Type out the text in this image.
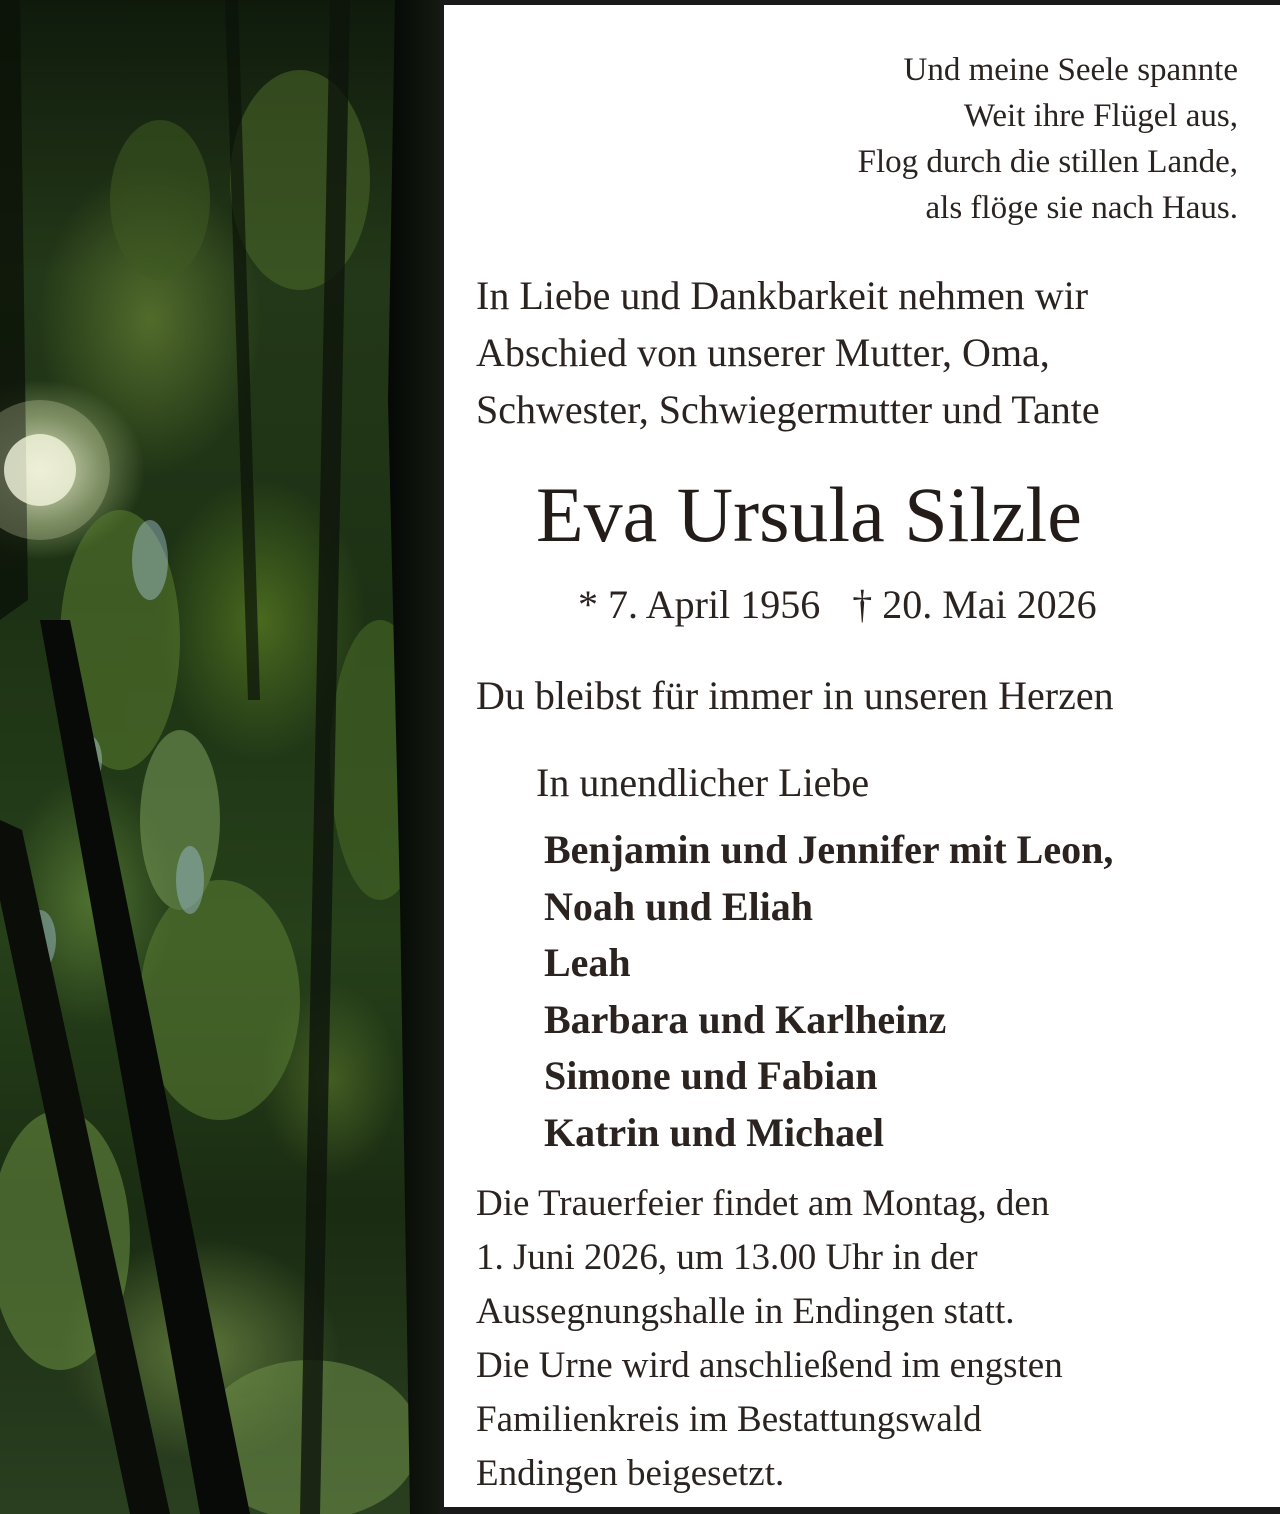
Und meine Seele spannte
Weit ihre Flügel aus,
Flog durch die stillen Lande,
als flöge sie nach Haus.
In Liebe und Dankbarkeit nehmen wir
Abschied von unserer Mutter, Oma,
Schwester, Schwiegermutter und Tante
Eva Ursula Silzle
* 7. April 1956 † 20. Mai 2026
Du bleibst für immer in unseren Herzen
In unendlicher Liebe
Benjamin und Jennifer mit Leon,
Noah und Eliah
Leah
Barbara und Karlheinz
Simone und Fabian
Katrin und Michael
Die Trauerfeier findet am Montag, den
1. Juni 2026, um 13.00 Uhr in der
Aussegnungshalle in Endingen statt.
Die Urne wird anschließend im engsten
Familienkreis im Bestattungswald
Endingen beigesetzt.
